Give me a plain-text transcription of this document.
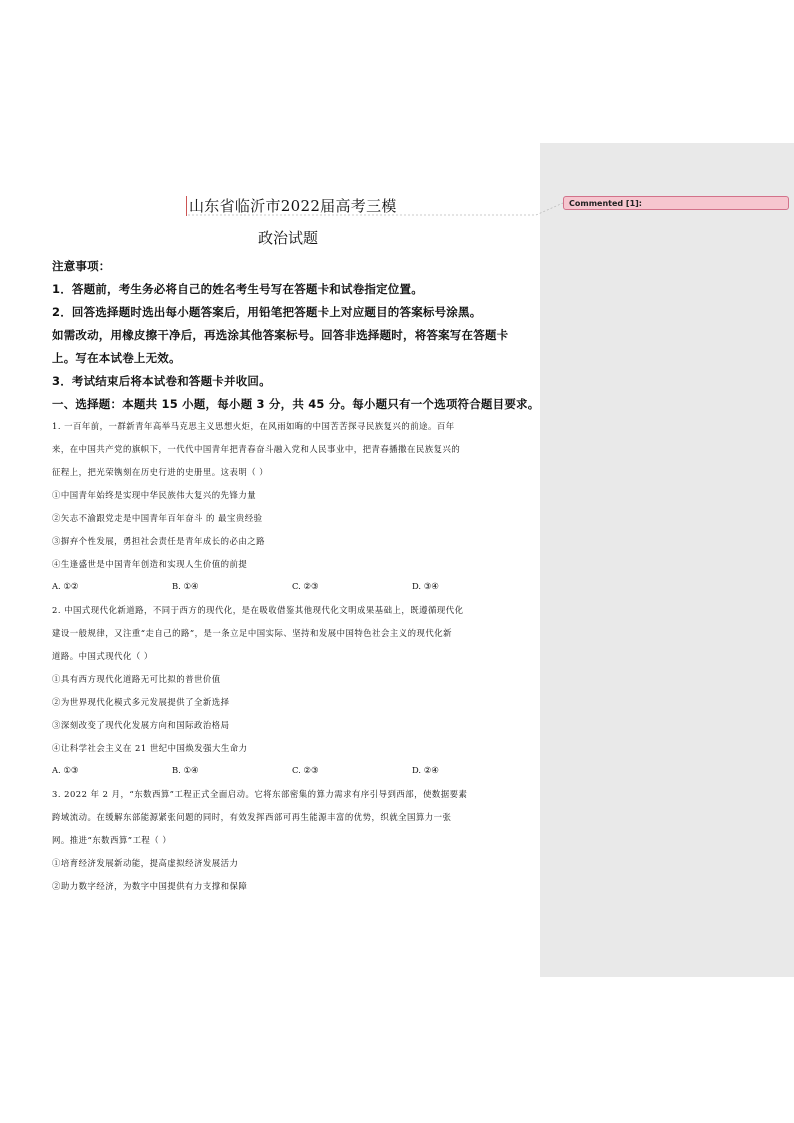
山东省临沂市2022届高考三模
政治试题
注意事项：
1．答题前，考生务必将自己的姓名考生号写在答题卡和试卷指定位置。
2．回答选择题时选出每小题答案后，用铅笔把答题卡上对应题目的答案标号涂黑。
如需改动，用橡皮擦干净后，再选涂其他答案标号。回答非选择题时，将答案写在答题卡
上。写在本试卷上无效。
3．考试结束后将本试卷和答题卡并收回。
一、选择题：本题共 15 小题，每小题 3 分，共 45 分。每小题只有一个选项符合题目要求。
1. 一百年前，一群新青年高举马克思主义思想火炬，在风雨如晦的中国苦苦探寻民族复兴的前途。百年
来，在中国共产党的旗帜下，一代代中国青年把青春奋斗融入党和人民事业中，把青春播撒在民族复兴的
征程上，把光荣镌刻在历史行进的史册里。这表明（ ）
①中国青年始终是实现中华民族伟大复兴的先锋力量
②矢志不渝跟党走是中国青年百年奋斗 的 最宝贵经验
③摒弃个性发展，勇担社会责任是青年成长的必由之路
④生逢盛世是中国青年创造和实现人生价值的前提
A. ①②	B. ①④	C. ②③	D. ③④
2. 中国式现代化新道路，不同于西方的现代化，是在吸收借鉴其他现代化文明成果基础上，既遵循现代化
建设一般规律，又注重“走自己的路”，是一条立足中国实际、坚持和发展中国特色社会主义的现代化新
道路。中国式现代化（ ）
①具有西方现代化道路无可比拟的普世价值
②为世界现代化模式多元发展提供了全新选择
③深刻改变了现代化发展方向和国际政治格局
④让科学社会主义在 21 世纪中国焕发强大生命力
A. ①③	B. ①④	C. ②③	D. ②④
3. 2022 年 2 月，“东数西算”工程正式全面启动。它将东部密集的算力需求有序引导到西部，使数据要素
跨域流动。在缓解东部能源紧张问题的同时，有效发挥西部可再生能源丰富的优势，织就全国算力一张
网。推进“东数西算”工程（ ）
①培育经济发展新动能，提高虚拟经济发展活力
②助力数字经济，为数字中国提供有力支撑和保障
Commented [1]:
